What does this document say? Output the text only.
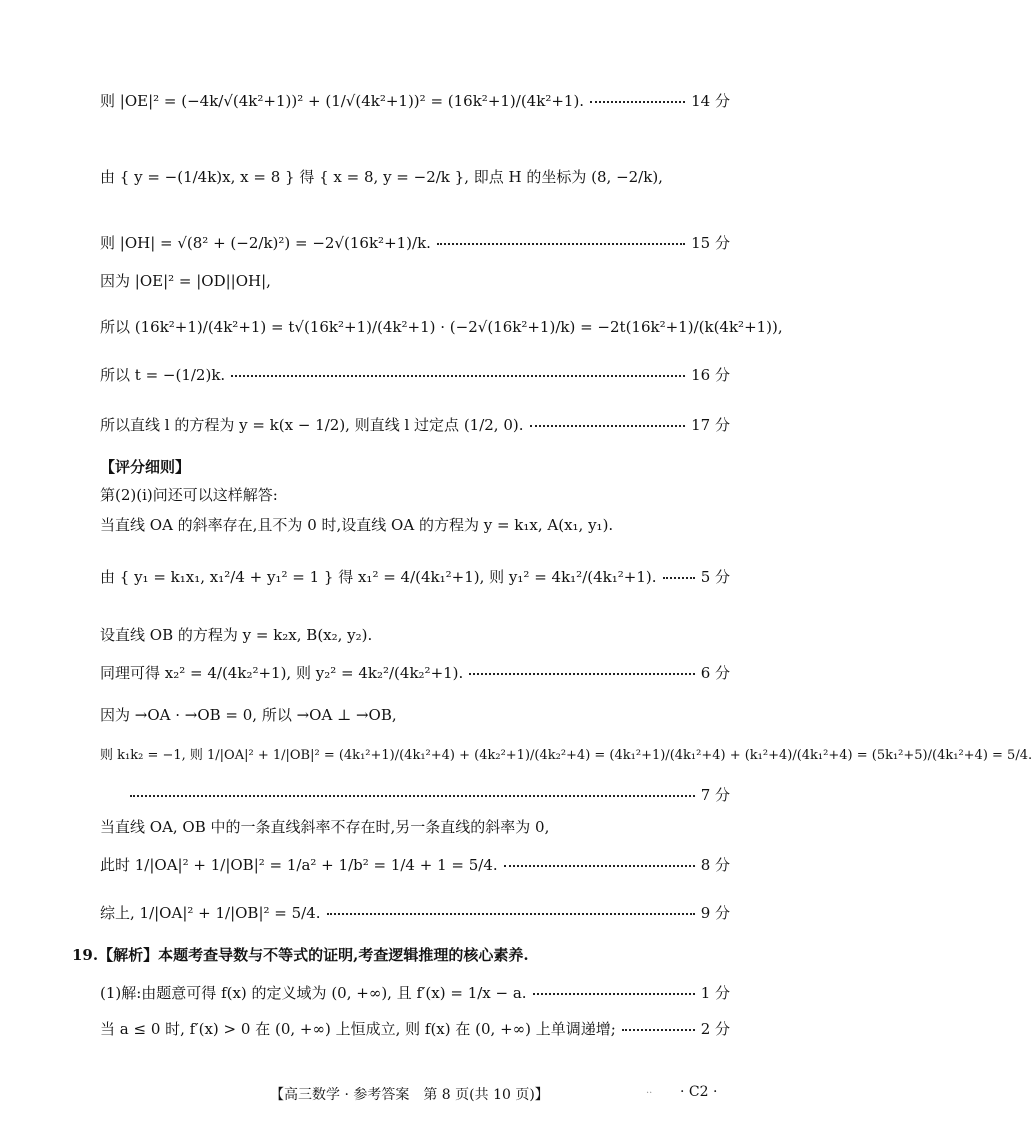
则 |OE|² = (−4k/√(4k²+1))² + (1/√(4k²+1))² = (16k²+1)/(4k²+1).	14 分
由 { y = −(1/4k)x, x = 8 } 得 { x = 8, y = −2/k }, 即点 H 的坐标为 (8, −2/k),
则 |OH| = √(8² + (−2/k)²) = −2√(16k²+1)/k.	15 分
因为 |OE|² = |OD||OH|,
所以 (16k²+1)/(4k²+1) = t√(16k²+1)/(4k²+1) · (−2√(16k²+1)/k) = −2t(16k²+1)/(k(4k²+1)),
所以 t = −(1/2)k.	16 分
所以直线 l 的方程为 y = k(x − 1/2), 则直线 l 过定点 (1/2, 0).	17 分
【评分细则】
第(2)(ⅰ)问还可以这样解答:
当直线 OA 的斜率存在,且不为 0 时,设直线 OA 的方程为 y = k₁x, A(x₁, y₁).
由 { y₁ = k₁x₁, x₁²/4 + y₁² = 1 } 得 x₁² = 4/(4k₁²+1), 则 y₁² = 4k₁²/(4k₁²+1).	5 分
设直线 OB 的方程为 y = k₂x, B(x₂, y₂).
同理可得 x₂² = 4/(4k₂²+1), 则 y₂² = 4k₂²/(4k₂²+1).	6 分
因为 →OA · →OB = 0, 所以 →OA ⊥ →OB,
则 k₁k₂ = −1, 则 1/|OA|² + 1/|OB|² = (4k₁²+1)/(4k₁²+4) + (4k₂²+1)/(4k₂²+4) = (4k₁²+1)/(4k₁²+4) + (k₁²+4)/(4k₁²+4) = (5k₁²+5)/(4k₁²+4) = 5/4.
7 分
当直线 OA, OB 中的一条直线斜率不存在时,另一条直线的斜率为 0,
此时 1/|OA|² + 1/|OB|² = 1/a² + 1/b² = 1/4 + 1 = 5/4.	8 分
综上, 1/|OA|² + 1/|OB|² = 5/4.	9 分
19.【解析】本题考查导数与不等式的证明,考查逻辑推理的核心素养.
(1)解:由题意可得 f(x) 的定义域为 (0, +∞), 且 f′(x) = 1/x − a.	1 分
当 a ≤ 0 时, f′(x) > 0 在 (0, +∞) 上恒成立, 则 f(x) 在 (0, +∞) 上单调递增;	2 分
【高三数学 · 参考答案　第 8 页(共 10 页)】	·· · C2 ·
